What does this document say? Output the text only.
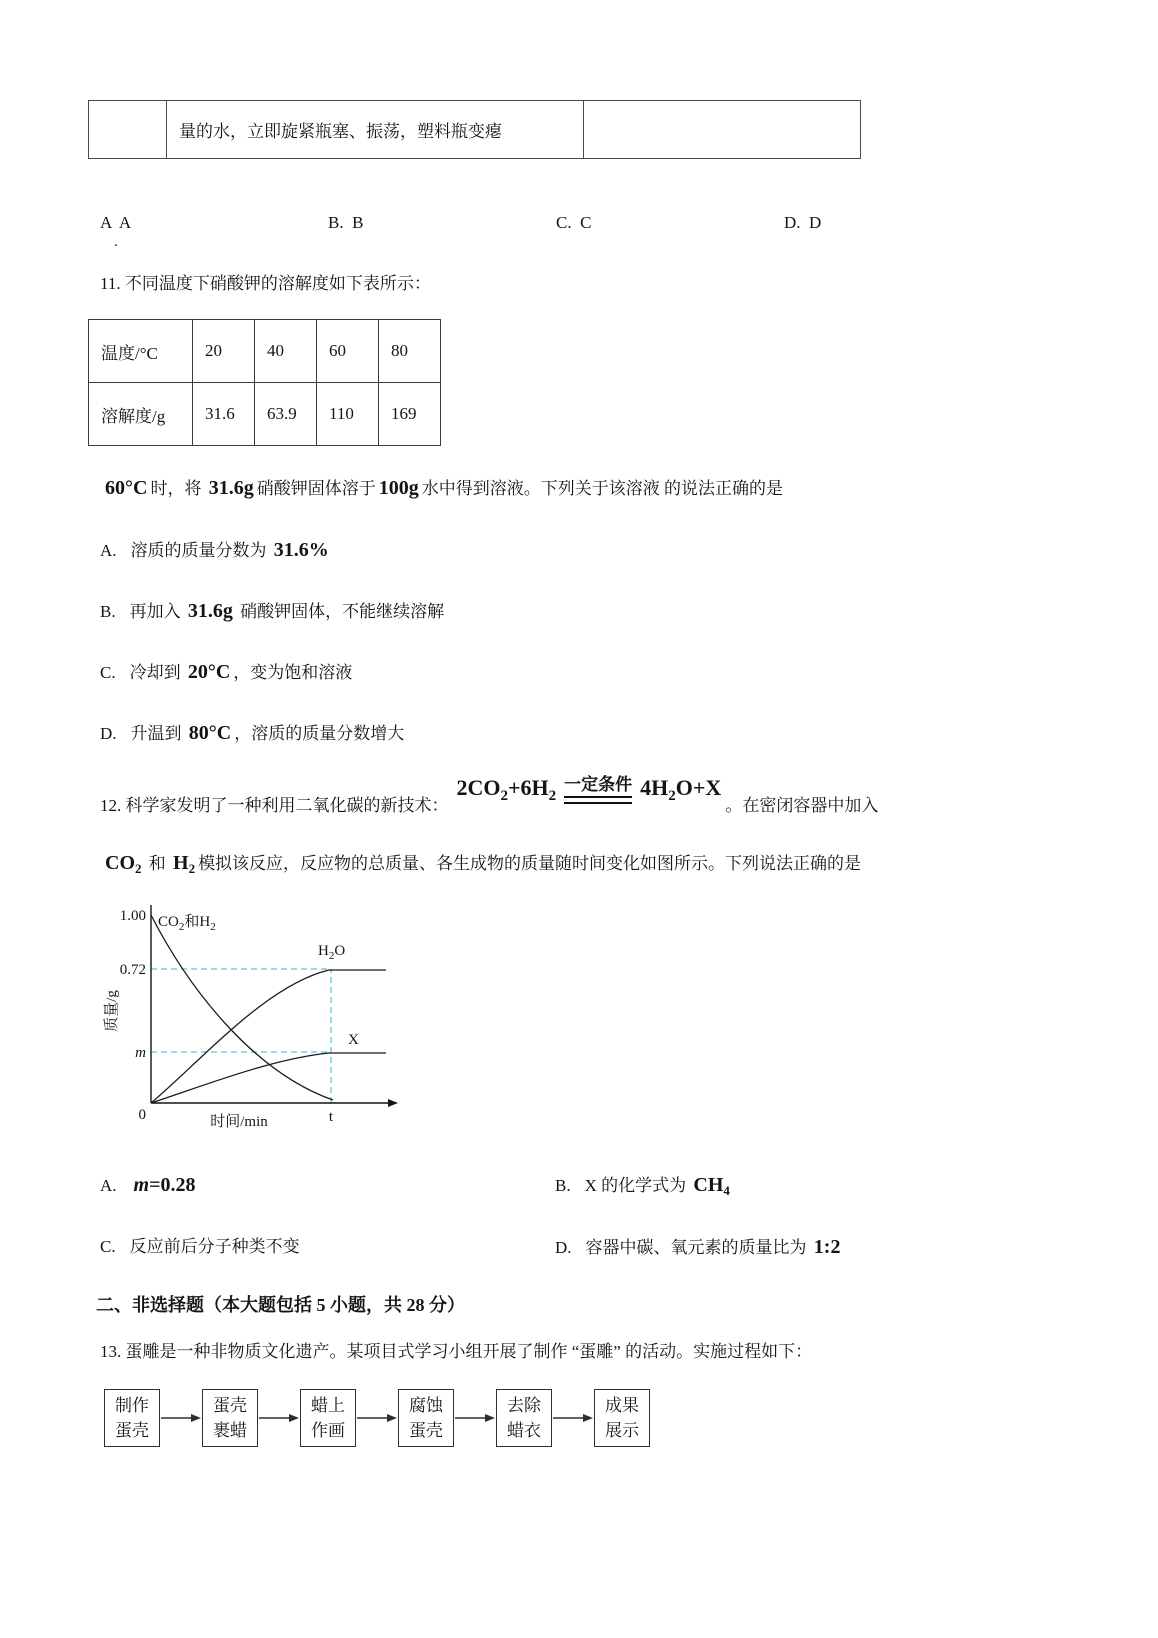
	量的水，立即旋紧瓶塞、振荡，塑料瓶变瘪	
A  A	B.  B	C.  C	D.  D
.
11. 不同温度下硝酸钾的溶解度如下表所示：
温度/°C	20	40	60	80
溶解度/g	31.6	63.9	110	169
60°C 时，将 31.6g 硝酸钾固体溶于 100g 水中得到溶液。下列关于该溶液 的说法正确的是
A. 溶质的质量分数为 31.6%
B. 再加入 31.6g 硝酸钾固体，不能继续溶解
C. 冷却到 20°C ，变为饱和溶液
D. 升温到 80°C ，溶质的质量分数增大
12. 科学家发明了一种利用二氧化碳的新技术：
$2CO_2+6H_2$
一定条件 $4H_2O+X$
。在密闭容器中加入
$CO_2$ 和 $H_2$ 模拟该反应，反应物的总质量、各生成物的质量随时间变化如图所示。下列说法正确的是
1.00
0.72
m
0	时间/min	t
质量/g
$CO_2$和$H_2$
$H_2O$
X
A. m=0.28	B. X 的化学式为 $CH_4$
C. 反应前后分子种类不变	D. 容器中碳、氧元素的质量比为 1:2
二、非选择题（本大题包括 5 小题，共 28 分）
13. 蛋雕是一种非物质文化遗产。某项目式学习小组开展了制作 “蛋雕” 的活动。实施过程如下：
制作
蛋壳
蛋壳
裹蜡
蜡上
作画
腐蚀
蛋壳
去除
蜡衣
成果
展示
